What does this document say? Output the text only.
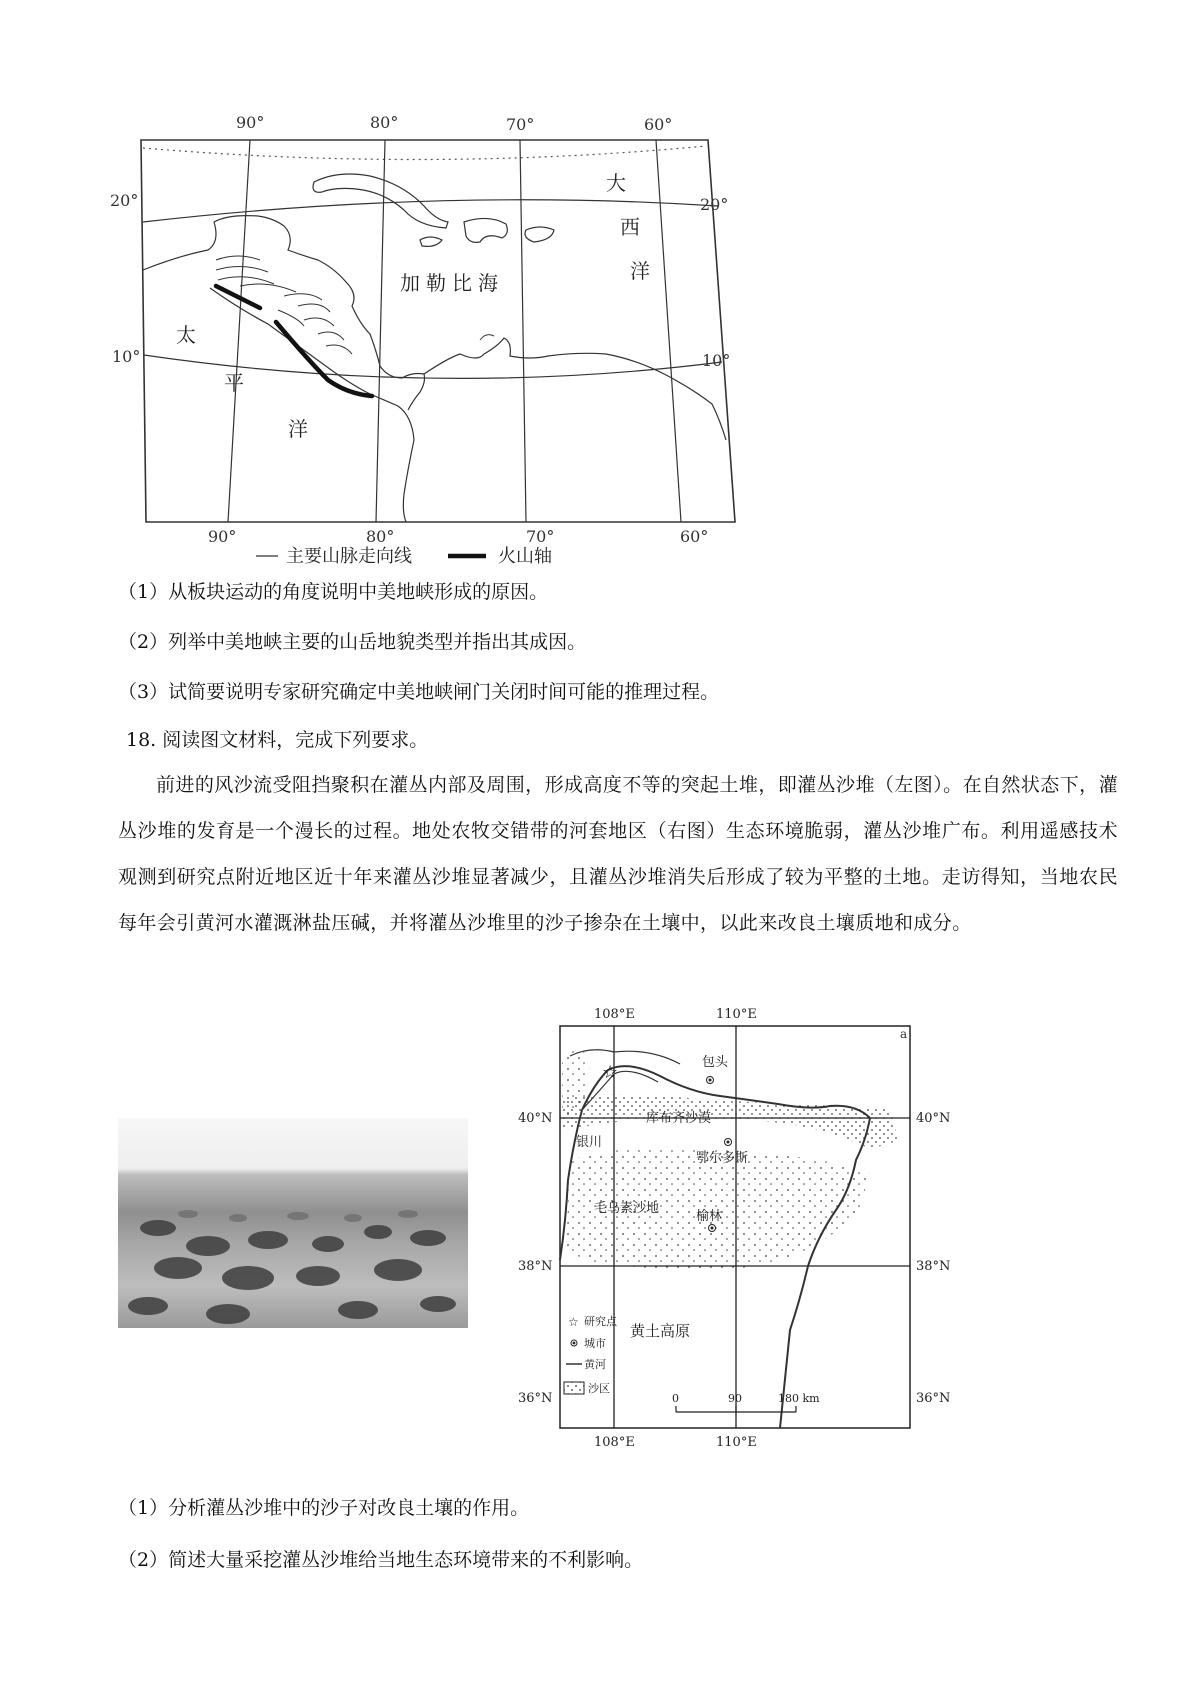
90°	80°	70°	60°
20°
10°
20°
10°
90°	80°	70°	60°
加勒比海
大
西
洋
太
平
洋
主要山脉走向线	火山轴
（1）从板块运动的角度说明中美地峡形成的原因。
（2）列举中美地峡主要的山岳地貌类型并指出其成因。
（3）试简要说明专家研究确定中美地峡闸门关闭时间可能的推理过程。
18. 阅读图文材料，完成下列要求。
前进的风沙流受阻挡聚积在灌丛内部及周围，形成高度不等的突起土堆，即灌丛沙堆（左图）。在自然状态下，灌丛沙堆的发育是一个漫长的过程。地处农牧交错带的河套地区（右图）生态环境脆弱，灌丛沙堆广布。利用遥感技术观测到研究点附近地区近十年来灌丛沙堆显著减少，且灌丛沙堆消失后形成了较为平整的土地。走访得知，当地农民每年会引黄河水灌溉淋盐压碱，并将灌丛沙堆里的沙子掺杂在土壤中，以此来改良土壤质地和成分。
☆
a
108°E	110°E
108°E	110°E
40°N
38°N
36°N
40°N
38°N
36°N
包头
银川
鄂尔多斯
榆林
库布齐沙漠
毛乌素沙地
黄土高原
☆ 研究点
城市
黄河
沙区
0	90	180 km
（1）分析灌丛沙堆中的沙子对改良土壤的作用。
（2）简述大量采挖灌丛沙堆给当地生态环境带来的不利影响。
